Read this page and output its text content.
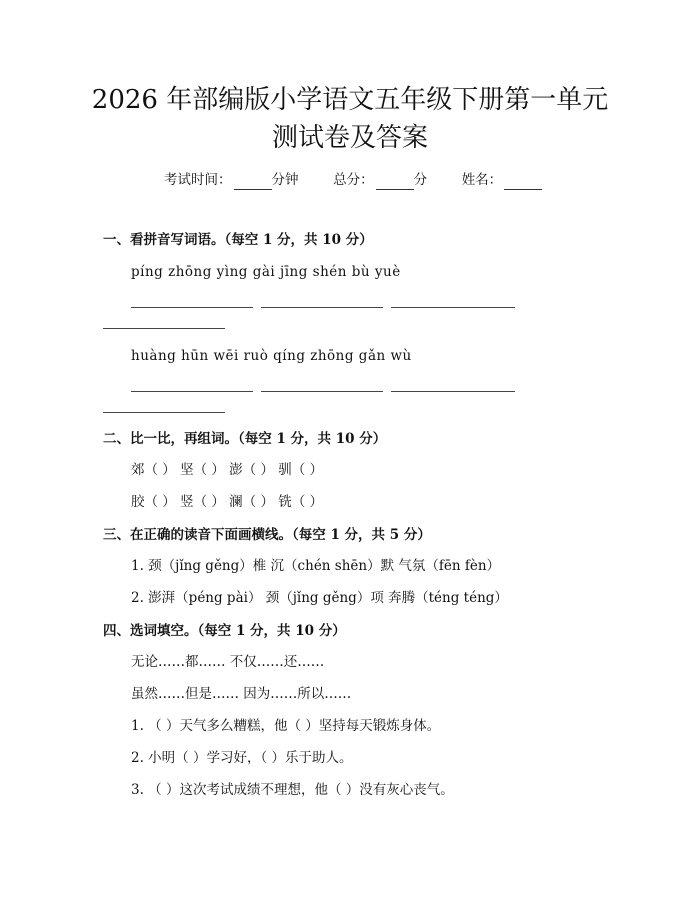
2026 年部编版小学语文五年级下册第一单元
测试卷及答案
考试时间：	分钟	总分：	分	姓名：
一、看拼音写词语。（每空 1 分，共 10 分）
píng zhōng yìng gài jīng shén bù yuè
huàng hūn wēi ruò qíng zhōng gǎn wù
二、比一比，再组词。（每空 1 分，共 10 分）
郊（ ） 坚（ ） 澎（ ） 驯（ ）
胶（ ） 竖（ ） 澜（ ） 铣（ ）
三、在正确的读音下面画横线。（每空 1 分，共 5 分）
1. 颈（jǐng gěng）椎 沉（chén shēn）默 气氛（fēn fèn）
2. 澎湃（péng pài） 颈（jǐng gěng）项 奔腾（téng téng）
四、选词填空。（每空 1 分，共 10 分）
无论……都…… 不仅……还……
虽然……但是…… 因为……所以……
1. （ ）天气多么糟糕，他（ ）坚持每天锻炼身体。
2. 小明（ ）学习好，（ ）乐于助人。
3. （ ）这次考试成绩不理想，他（ ）没有灰心丧气。
